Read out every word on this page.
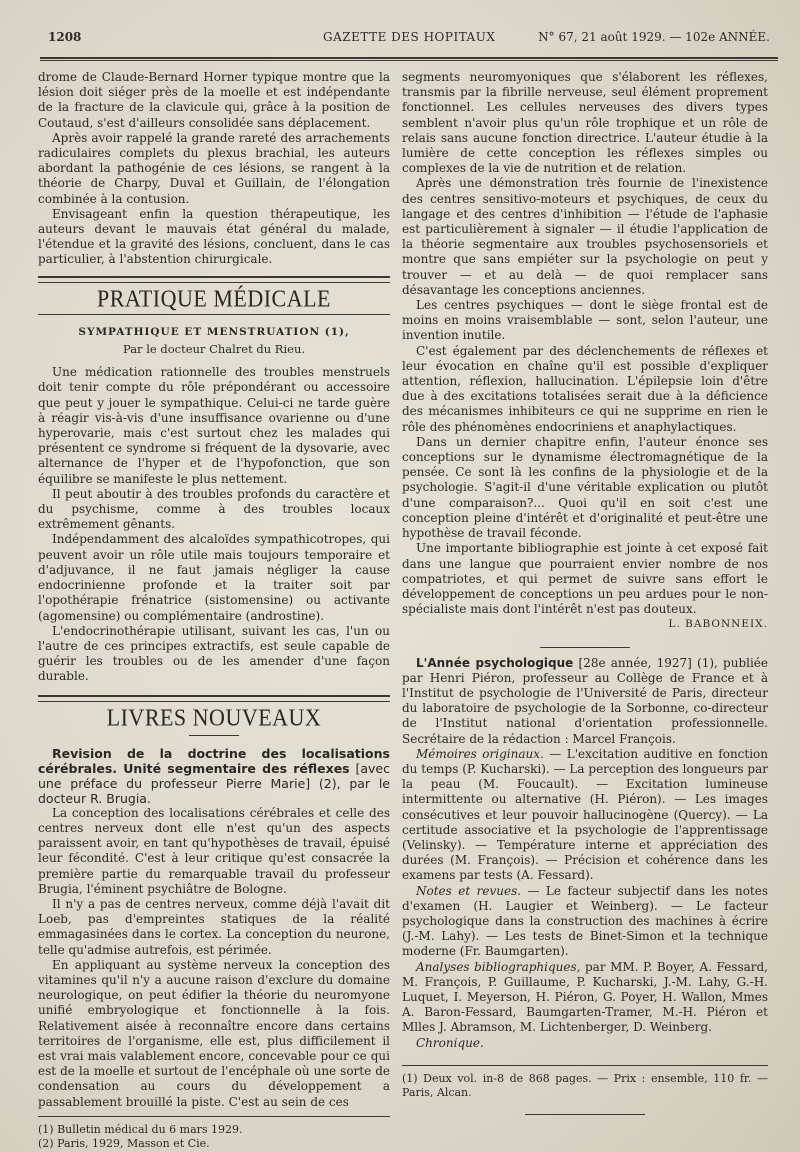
1208	GAZETTE DES HOPITAUX	N° 67, 21 août 1929. — 102e ANNÉE.

drome de Claude-Bernard Horner typique montre que la lésion doit siéger près de la moelle et est indépendante de la fracture de la clavicule qui, grâce à la position de Coutaud, s'est d'ailleurs consolidée sans déplacement.

Après avoir rappelé la grande rareté des arrachements radiculaires complets du plexus brachial, les auteurs abordant la pathogénie de ces lésions, se rangent à la théorie de Charpy, Duval et Guillain, de l'élongation combinée à la contusion.

Envisageant enfin la question thérapeutique, les auteurs devant le mauvais état général du malade, l'étendue et la gravité des lésions, concluent, dans le cas particulier, à l'abstention chirurgicale.

PRATIQUE MÉDICALE
SYMPATHIQUE ET MENSTRUATION (1),
Par le docteur Chalret du Rieu.

Une médication rationnelle des troubles menstruels doit tenir compte du rôle prépondérant ou accessoire que peut y jouer le sympathique. Celui-ci ne tarde guère à réagir vis-à-vis d'une insuffisance ovarienne ou d'une hyperovarie, mais c'est surtout chez les malades qui présentent ce syndrome si fréquent de la dysovarie, avec alternance de l'hyper et de l'hypofonction, que son équilibre se manifeste le plus nettement.

Il peut aboutir à des troubles profonds du caractère et du psychisme, comme à des troubles locaux extrêmement gênants.

Indépendamment des alcaloïdes sympathicotropes, qui peuvent avoir un rôle utile mais toujours temporaire et d'adjuvance, il ne faut jamais négliger la cause endocrinienne profonde et la traiter soit par l'opothérapie frénatrice (sistomensine) ou activante (agomensine) ou complémentaire (androstine).

L'endocrinothérapie utilisant, suivant les cas, l'un ou l'autre de ces principes extractifs, est seule capable de guérir les troubles ou de les amender d'une façon durable.

LIVRES NOUVEAUX

Revision de la doctrine des localisations cérébrales. Unité segmentaire des réflexes [avec une préface du professeur Pierre Marie] (2), par le docteur R. Brugia.

La conception des localisations cérébrales et celle des centres nerveux dont elle n'est qu'un des aspects paraissent avoir, en tant qu'hypothèses de travail, épuisé leur fécondité. C'est à leur critique qu'est consacrée la première partie du remarquable travail du professeur Brugia, l'éminent psychiâtre de Bologne.

Il n'y a pas de centres nerveux, comme déjà l'avait dit Loeb, pas d'empreintes statiques de la réalité emmagasinées dans le cortex. La conception du neurone, telle qu'admise autrefois, est périmée.

En appliquant au système nerveux la conception des vitamines qu'il n'y a aucune raison d'exclure du domaine neurologique, on peut édifier la théorie du neuromyone unifié embryologique et fonctionnelle à la fois. Relativement aisée à reconnaître encore dans certains territoires de l'organisme, elle est, plus difficilement il est vrai mais valablement encore, concevable pour ce qui est de la moelle et surtout de l'encéphale où une sorte de condensation au cours du développement a passablement brouillé la piste. C'est au sein de ces

(1) Bulletin médical du 6 mars 1929.

(2) Paris, 1929, Masson et Cie.

segments neuromyoniques que s'élaborent les réflexes, transmis par la fibrille nerveuse, seul élément proprement fonctionnel. Les cellules nerveuses des divers types semblent n'avoir plus qu'un rôle trophique et un rôle de relais sans aucune fonction directrice. L'auteur étudie à la lumière de cette conception les réflexes simples ou complexes de la vie de nutrition et de relation.

Après une démonstration très fournie de l'inexistence des centres sensitivo-moteurs et psychiques, de ceux du langage et des centres d'inhibition — l'étude de l'aphasie est particulièrement à signaler — il étudie l'application de la théorie segmentaire aux troubles psychosensoriels et montre que sans empiéter sur la psychologie on peut y trouver — et au delà — de quoi remplacer sans désavantage les conceptions anciennes.

Les centres psychiques — dont le siège frontal est de moins en moins vraisemblable — sont, selon l'auteur, une invention inutile.

C'est également par des déclenchements de réflexes et leur évocation en chaîne qu'il est possible d'expliquer attention, réflexion, hallucination. L'épilepsie loin d'être due à des excitations totalisées serait due à la déficience des mécanismes inhibiteurs ce qui ne supprime en rien le rôle des phénomènes endocriniens et anaphylactiques.

Dans un dernier chapitre enfin, l'auteur énonce ses conceptions sur le dynamisme électromagnétique de la pensée. Ce sont là les confins de la physiologie et de la psychologie. S'agit-il d'une véritable explication ou plutôt d'une comparaison?... Quoi qu'il en soit c'est une conception pleine d'intérêt et d'originalité et peut-être une hypothèse de travail féconde.

Une importante bibliographie est jointe à cet exposé fait dans une langue que pourraient envier nombre de nos compatriotes, et qui permet de suivre sans effort le développement de conceptions un peu ardues pour le non-spécialiste mais dont l'intérêt n'est pas douteux.

L. BABONNEIX.

L'Année psychologique [28e année, 1927] (1), publiée par Henri Piéron, professeur au Collège de France et à l'Institut de psychologie de l'Université de Paris, directeur du laboratoire de psychologie de la Sorbonne, co-directeur de l'Institut national d'orientation professionnelle. Secrétaire de la rédaction : Marcel François.

Mémoires originaux. — L'excitation auditive en fonction du temps (P. Kucharski). — La perception des longueurs par la peau (M. Foucault). — Excitation lumineuse intermittente ou alternative (H. Piéron). — Les images consécutives et leur pouvoir hallucinogène (Quercy). — La certitude associative et la psychologie de l'apprentissage (Velinsky). — Température interne et appréciation des durées (M. François). — Précision et cohérence dans les examens par tests (A. Fessard).

Notes et revues. — Le facteur subjectif dans les notes d'examen (H. Laugier et Weinberg). — Le facteur psychologique dans la construction des machines à écrire (J.-M. Lahy). — Les tests de Binet-Simon et la technique moderne (Fr. Baumgarten).

Analyses bibliographiques, par MM. P. Boyer, A. Fessard, M. François, P. Guillaume, P. Kucharski, J.-M. Lahy, G.-H. Luquet, I. Meyerson, H. Piéron, G. Poyer, H. Wallon, Mmes A. Baron-Fessard, Baumgarten-Tramer, M.-H. Piéron et Mlles J. Abramson, M. Lichtenberger, D. Weinberg.

Chronique.

(1) Deux vol. in-8 de 868 pages. — Prix : ensemble, 110 fr. — Paris, Alcan.
